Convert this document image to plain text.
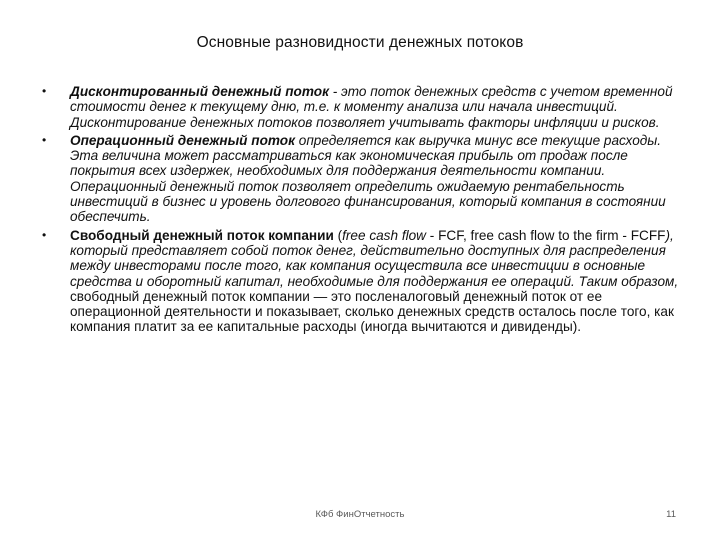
Основные разновидности денежных потоков
• Дисконтированный денежный поток - это поток денежных средств с учетом временной стоимости денег к текущему дню, т.е. к моменту анализа или начала инвестиций. Дисконтирование денежных потоков позволяет учитывать факторы инфляции и рисков.
• Операционный денежный поток определяется как выручка минус все текущие расходы. Эта величина может рассматриваться как экономическая прибыль от продаж после покрытия всех издержек, необходимых для поддержания деятельности компании. Операционный денежный поток позволяет определить ожидаемую рентабельность инвестиций в бизнес и уровень долгового финансирования, который компания в состоянии обеспечить.
• Свободный денежный поток компании (free cash flow - FCF, free cash flow to the firm - FCFF), который представляет собой поток денег, действительно доступных для распределения между инвесторами после того, как компания осуществила все инвестиции в основные средства и оборотный капитал, необходимые для поддержания ее операций. Таким образом, свободный денежный поток компании — это посленалоговый денежный поток от ее операционной деятельности и показывает, сколько денежных средств осталось после того, как компания платит за ее капитальные расходы (иногда вычитаются и дивиденды).
КФб ФинОтчетность	11
